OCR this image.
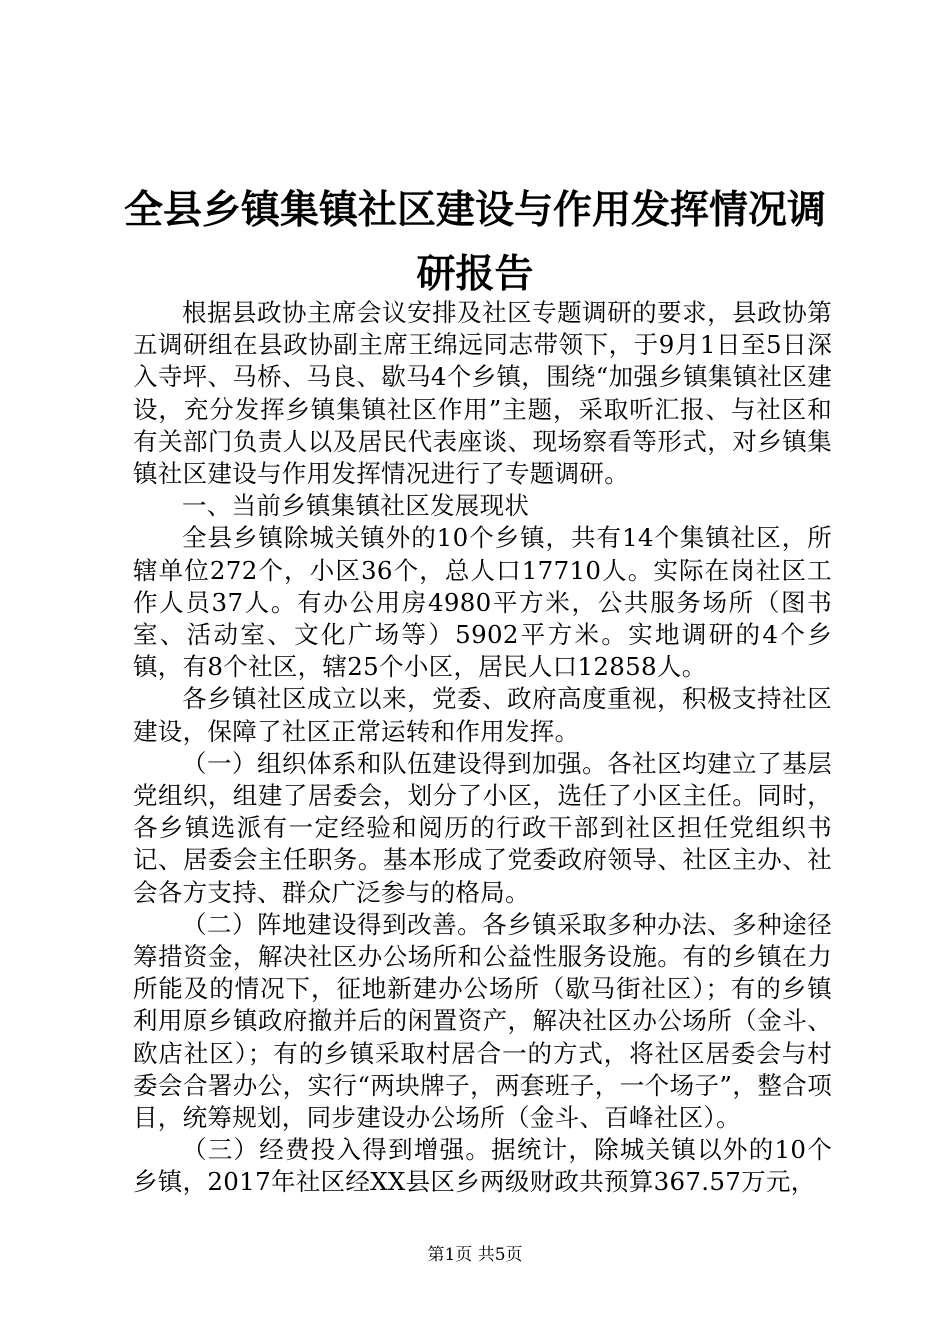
全县乡镇集镇社区建设与作用发挥情况调研报告

根据县政协主席会议安排及社区专题调研的要求，县政协第五调研组在县政协副主席王绵远同志带领下，于9月1日至5日深入寺坪、马桥、马良、歇马4个乡镇，围绕“加强乡镇集镇社区建设，充分发挥乡镇集镇社区作用”主题，采取听汇报、与社区和有关部门负责人以及居民代表座谈、现场察看等形式，对乡镇集镇社区建设与作用发挥情况进行了专题调研。

一、当前乡镇集镇社区发展现状

全县乡镇除城关镇外的10个乡镇，共有14个集镇社区，所辖单位272个，小区36个，总人口17710人。实际在岗社区工作人员37人。有办公用房4980平方米，公共服务场所（图书室、活动室、文化广场等）5902平方米。实地调研的4个乡镇，有8个社区，辖25个小区，居民人口12858人。

各乡镇社区成立以来，党委、政府高度重视，积极支持社区建设，保障了社区正常运转和作用发挥。

（一）组织体系和队伍建设得到加强。各社区均建立了基层党组织，组建了居委会，划分了小区，选任了小区主任。同时，各乡镇选派有一定经验和阅历的行政干部到社区担任党组织书记、居委会主任职务。基本形成了党委政府领导、社区主办、社会各方支持、群众广泛参与的格局。

（二）阵地建设得到改善。各乡镇采取多种办法、多种途径筹措资金，解决社区办公场所和公益性服务设施。有的乡镇在力所能及的情况下，征地新建办公场所（歇马街社区）；有的乡镇利用原乡镇政府撤并后的闲置资产，解决社区办公场所（金斗、欧店社区）；有的乡镇采取村居合一的方式，将社区居委会与村委会合署办公，实行“两块牌子，两套班子，一个场子”，整合项目，统筹规划，同步建设办公场所（金斗、百峰社区）。

（三）经费投入得到增强。据统计，除城关镇以外的10个乡镇，2017年社区经XX县区乡两级财政共预算367.57万元，

第1页 共5页
